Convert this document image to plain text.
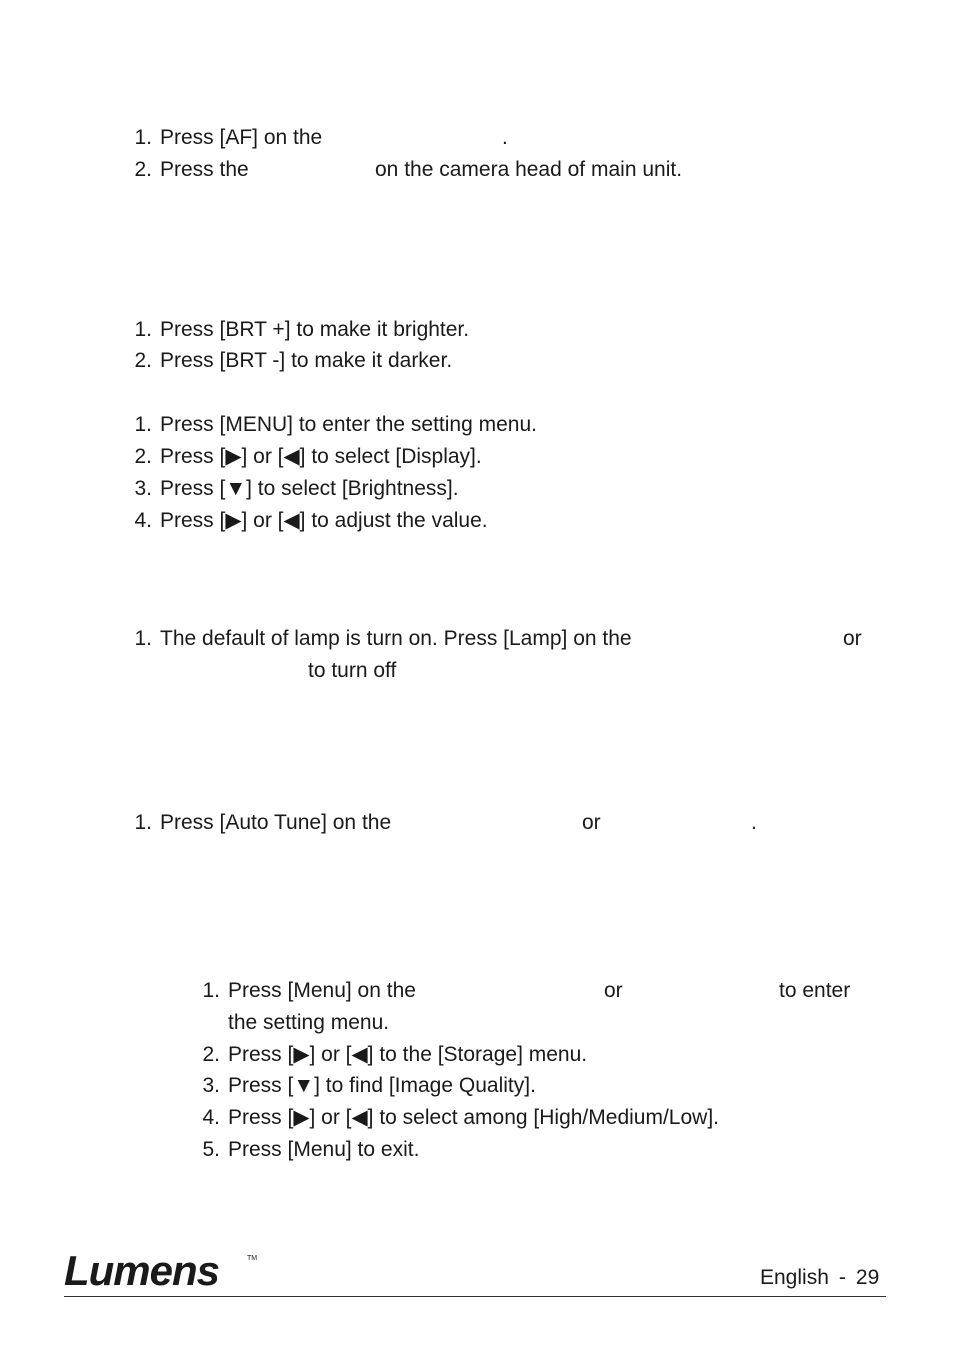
1. Press [AF] on the	.
2. Press the	on the camera head of main unit.
1. Press [BRT +] to make it brighter.
2. Press [BRT -] to make it darker.
1. Press [MENU] to enter the setting menu.
2. Press [▶] or [◀] to select [Display].
3. Press [▼] to select [Brightness].
4. Press [▶] or [◀] to adjust the value.
1. The default of lamp is turn on. Press [Lamp] on the	or
to turn off
1. Press [Auto Tune] on the	or	.
1. Press [Menu] on the	or	to enter
the setting menu.
2. Press [▶] or [◀] to the [Storage] menu.
3. Press [▼] to find [Image Quality].
4. Press [▶] or [◀] to select among [High/Medium/Low].
5. Press [Menu] to exit.
Lumens	TM
English - 29
